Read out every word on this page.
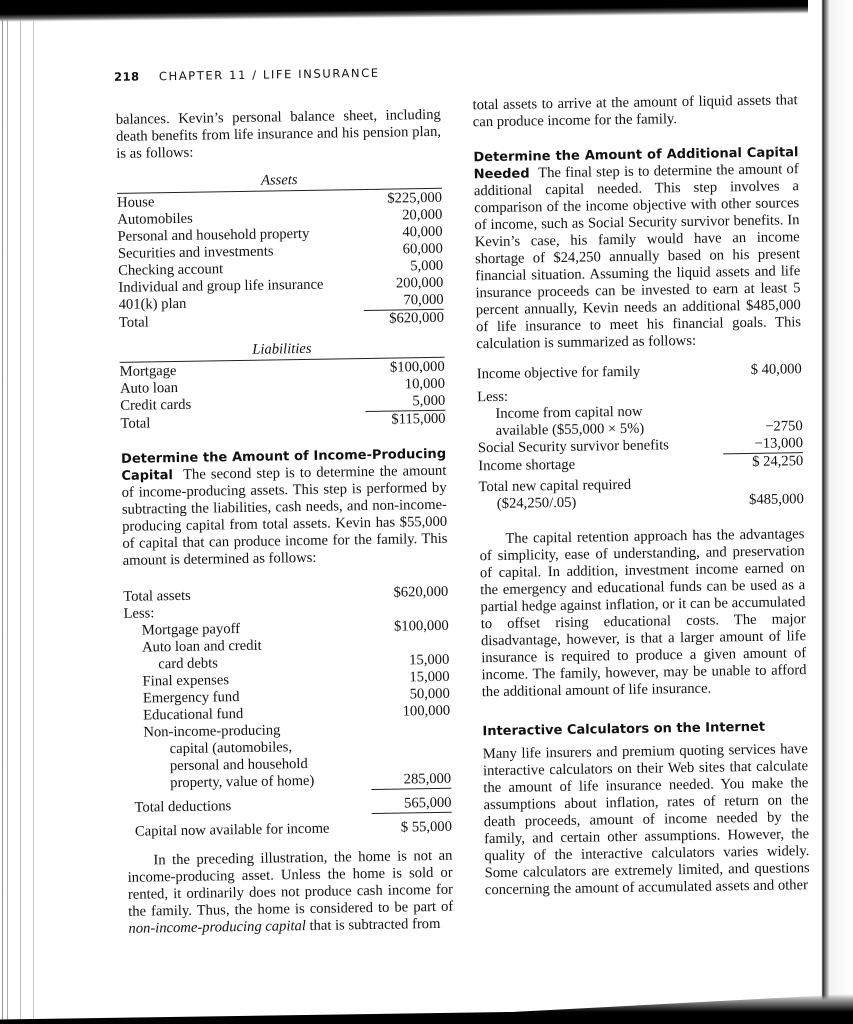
218 CHAPTER 11 / LIFE INSURANCE

balances. Kevin’s personal balance sheet, including death benefits from life insurance and his pension plan, is as follows:

Assets
House	$225,000
Automobiles	20,000
Personal and household property	40,000
Securities and investments	60,000
Checking account	5,000
Individual and group life insurance	200,000
401(k) plan	70,000
Total	$620,000
Liabilities
Mortgage	$100,000
Auto loan	10,000
Credit cards	5,000
Total	$115,000

Determine the Amount of Income-Producing Capital The second step is to determine the amount of income-producing assets. This step is performed by subtracting the liabilities, cash needs, and non-income-producing capital from total assets. Kevin has $55,000 of capital that can produce income for the family. This amount is determined as follows:

Total assets	$620,000
Less:
Mortgage payoff	$100,000
Auto loan and credit
card debts	15,000
Final expenses	15,000
Emergency fund	50,000
Educational fund	100,000
Non-income-producing
capital (automobiles,
personal and household
property, value of home)	285,000
Total deductions	565,000
Capital now available for income	$ 55,000

In the preceding illustration, the home is not an income-producing asset. Unless the home is sold or rented, it ordinarily does not produce cash income for the family. Thus, the home is considered to be part of non-income-producing capital that is subtracted from

total assets to arrive at the amount of liquid assets that can produce income for the family.

Determine the Amount of Additional Capital Needed The final step is to determine the amount of additional capital needed. This step involves a comparison of the income objective with other sources of income, such as Social Security survivor benefits. In Kevin’s case, his family would have an income shortage of $24,250 annually based on his present financial situation. Assuming the liquid assets and life insurance proceeds can be invested to earn at least 5 percent annually, Kevin needs an additional $485,000 of life insurance to meet his financial goals. This calculation is summarized as follows:

Income objective for family	$ 40,000
Less:
Income from capital now
available ($55,000 × 5%)	−2750
Social Security survivor benefits	−13,000
Income shortage	$ 24,250
Total new capital required
($24,250/.05)	$485,000

The capital retention approach has the advantages of simplicity, ease of understanding, and preservation of capital. In addition, investment income earned on the emergency and educational funds can be used as a partial hedge against inflation, or it can be accumulated to offset rising educational costs. The major disadvantage, however, is that a larger amount of life insurance is required to produce a given amount of income. The family, however, may be unable to afford the additional amount of life insurance.

Interactive Calculators on the Internet

Many life insurers and premium quoting services have interactive calculators on their Web sites that calculate the amount of life insurance needed. You make the assumptions about inflation, rates of return on the death proceeds, amount of income needed by the family, and certain other assumptions. However, the quality of the interactive calculators varies widely. Some calculators are extremely limited, and questions concerning the amount of accumulated assets and other
